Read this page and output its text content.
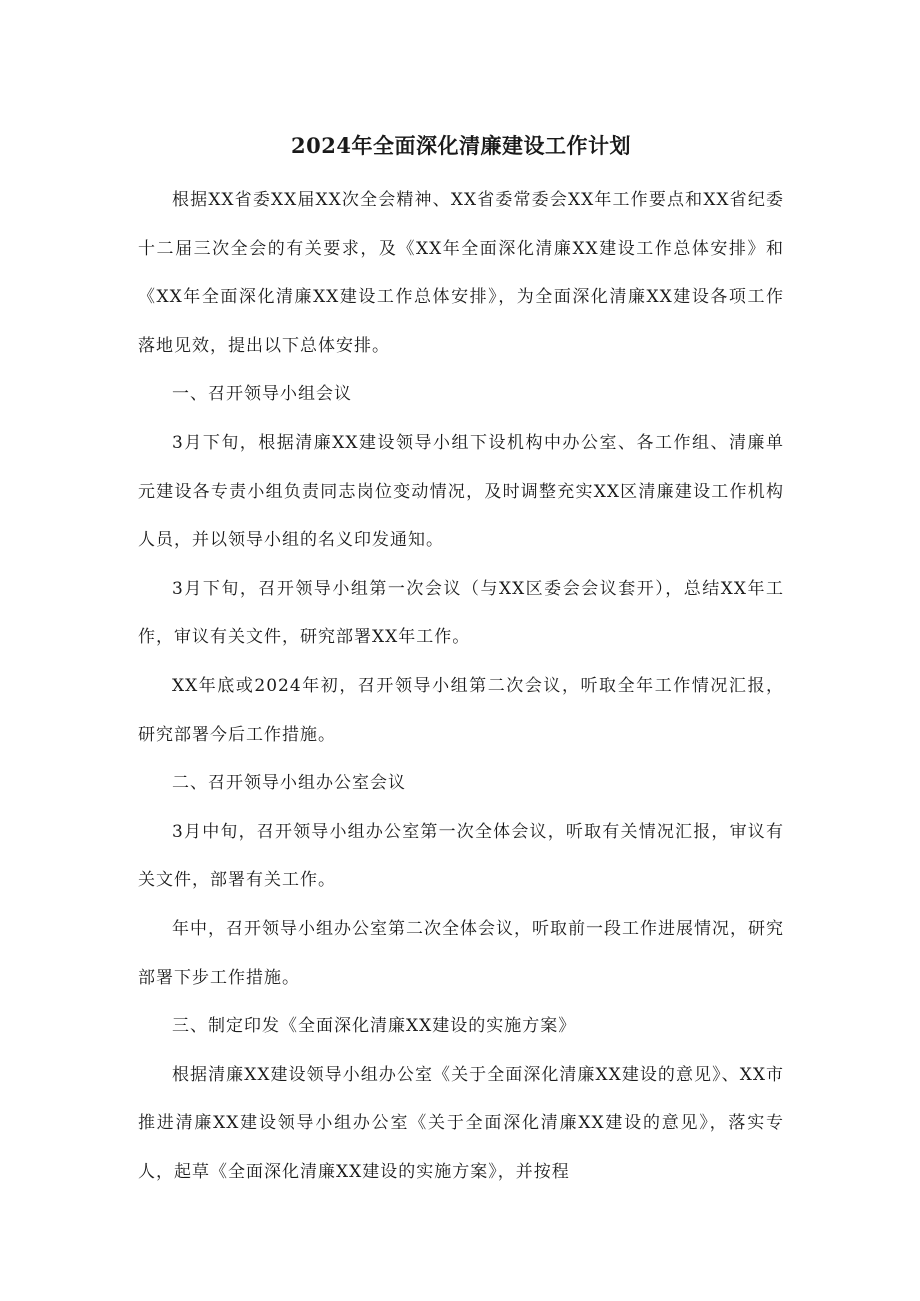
2024年全面深化清廉建设工作计划

根据XX省委XX届XX次全会精神、XX省委常委会XX年工作要点和XX省纪委十二届三次全会的有关要求，及《XX年全面深化清廉XX建设工作总体安排》和《XX年全面深化清廉XX建设工作总体安排》，为全面深化清廉XX建设各项工作落地见效，提出以下总体安排。

一、召开领导小组会议

3月下旬，根据清廉XX建设领导小组下设机构中办公室、各工作组、清廉单元建设各专责小组负责同志岗位变动情况，及时调整充实XX区清廉建设工作机构人员，并以领导小组的名义印发通知。

3月下旬，召开领导小组第一次会议（与XX区委会会议套开），总结XX年工作，审议有关文件，研究部署XX年工作。

XX年底或2024年初，召开领导小组第二次会议，听取全年工作情况汇报，研究部署今后工作措施。

二、召开领导小组办公室会议

3月中旬，召开领导小组办公室第一次全体会议，听取有关情况汇报，审议有关文件，部署有关工作。

年中，召开领导小组办公室第二次全体会议，听取前一段工作进展情况，研究部署下步工作措施。

三、制定印发《全面深化清廉XX建设的实施方案》

根据清廉XX建设领导小组办公室《关于全面深化清廉XX建设的意见》、XX市推进清廉XX建设领导小组办公室《关于全面深化清廉XX建设的意见》，落实专人，起草《全面深化清廉XX建设的实施方案》，并按程
